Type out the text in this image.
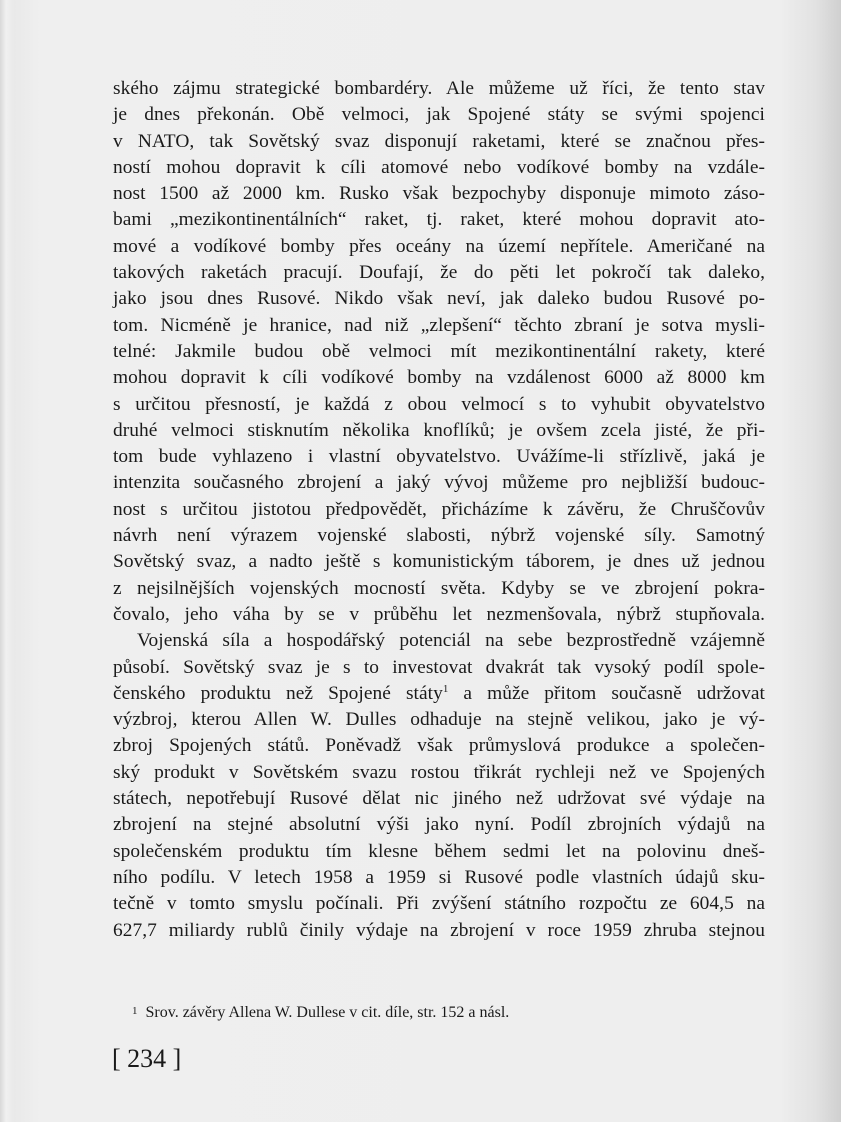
ského zájmu strategické bombardéry. Ale můžeme už říci, že tento stav
je dnes překonán. Obě velmoci, jak Spojené státy se svými spojenci
v NATO, tak Sovětský svaz disponují raketami, které se značnou přes-
ností mohou dopravit k cíli atomové nebo vodíkové bomby na vzdále-
nost 1500 až 2000 km. Rusko však bezpochyby disponuje mimoto záso-
bami „mezikontinentálních“ raket, tj. raket, které mohou dopravit ato-
mové a vodíkové bomby přes oceány na území nepřítele. Američané na
takových raketách pracují. Doufají, že do pěti let pokročí tak daleko,
jako jsou dnes Rusové. Nikdo však neví, jak daleko budou Rusové po-
tom. Nicméně je hranice, nad niž „zlepšení“ těchto zbraní je sotva mysli-
telné: Jakmile budou obě velmoci mít mezikontinentální rakety, které
mohou dopravit k cíli vodíkové bomby na vzdálenost 6000 až 8000 km
s určitou přesností, je každá z obou velmocí s to vyhubit obyvatelstvo
druhé velmoci stisknutím několika knoflíků; je ovšem zcela jisté, že při-
tom bude vyhlazeno i vlastní obyvatelstvo. Uvážíme-li střízlivě, jaká je
intenzita současného zbrojení a jaký vývoj můžeme pro nejbližší budouc-
nost s určitou jistotou předpovědět, přicházíme k závěru, že Chruščovův
návrh není výrazem vojenské slabosti, nýbrž vojenské síly. Samotný
Sovětský svaz, a nadto ještě s komunistickým táborem, je dnes už jednou
z nejsilnějších vojenských mocností světa. Kdyby se ve zbrojení pokra-
čovalo, jeho váha by se v průběhu let nezmenšovala, nýbrž stupňovala.
Vojenská síla a hospodářský potenciál na sebe bezprostředně vzájemně
působí. Sovětský svaz je s to investovat dvakrát tak vysoký podíl spole-
čenského produktu než Spojené státy$^1$ a může přitom současně udržovat
výzbroj, kterou Allen W. Dulles odhaduje na stejně velikou, jako je vý-
zbroj Spojených států. Poněvadž však průmyslová produkce a společen-
ský produkt v Sovětském svazu rostou třikrát rychleji než ve Spojených
státech, nepotřebují Rusové dělat nic jiného než udržovat své výdaje na
zbrojení na stejné absolutní výši jako nyní. Podíl zbrojních výdajů na
společenském produktu tím klesne během sedmi let na polovinu dneš-
ního podílu. V letech 1958 a 1959 si Rusové podle vlastních údajů sku-
tečně v tomto smyslu počínali. Při zvýšení státního rozpočtu ze 604,5 na
627,7 miliardy rublů činily výdaje na zbrojení v roce 1959 zhruba stejnou
1 Srov. závěry Allena W. Dullese v cit. díle, str. 152 a násl.
[ 234 ]
